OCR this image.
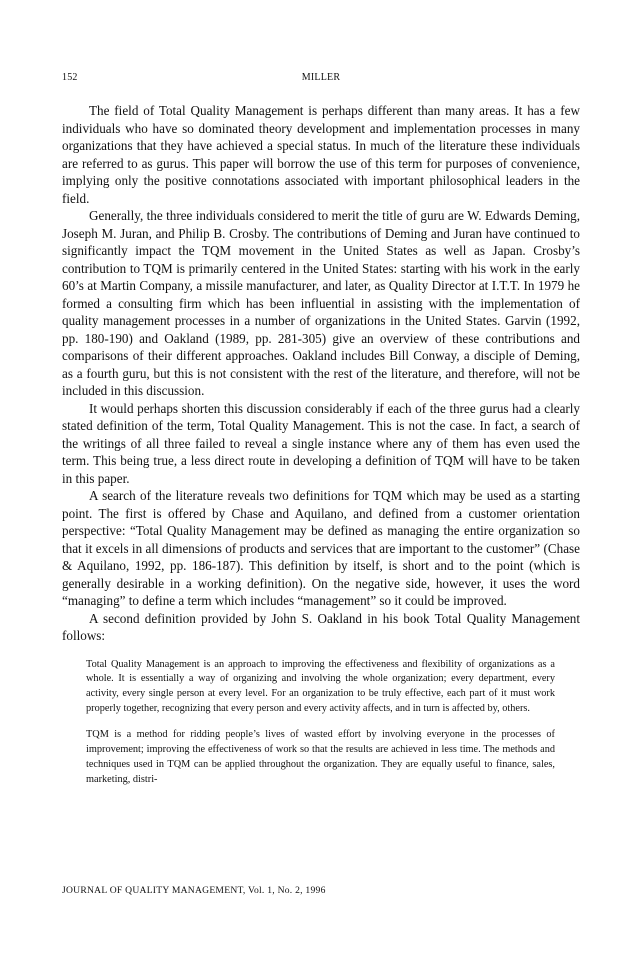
152	MILLER

The field of Total Quality Management is perhaps different than many areas. It has a few individuals who have so dominated theory development and implementation processes in many organizations that they have achieved a special status. In much of the literature these individuals are referred to as gurus. This paper will borrow the use of this term for purposes of convenience, implying only the positive connotations associated with important philosophical leaders in the field.

Generally, the three individuals considered to merit the title of guru are W. Edwards Deming, Joseph M. Juran, and Philip B. Crosby. The contributions of Deming and Juran have continued to significantly impact the TQM movement in the United States as well as Japan. Crosby’s contribution to TQM is primarily centered in the United States: starting with his work in the early 60’s at Martin Company, a missile manufacturer, and later, as Quality Director at I.T.T. In 1979 he formed a consulting firm which has been influential in assisting with the implementation of quality management processes in a number of organizations in the United States. Garvin (1992, pp. 180-190) and Oakland (1989, pp. 281-305) give an overview of these contributions and comparisons of their different approaches. Oakland includes Bill Conway, a disciple of Deming, as a fourth guru, but this is not consistent with the rest of the literature, and therefore, will not be included in this discussion.

It would perhaps shorten this discussion considerably if each of the three gurus had a clearly stated definition of the term, Total Quality Management. This is not the case. In fact, a search of the writings of all three failed to reveal a single instance where any of them has even used the term. This being true, a less direct route in developing a definition of TQM will have to be taken in this paper.

A search of the literature reveals two definitions for TQM which may be used as a starting point. The first is offered by Chase and Aquilano, and defined from a customer orientation perspective: “Total Quality Management may be defined as managing the entire organization so that it excels in all dimensions of products and services that are important to the customer” (Chase & Aquilano, 1992, pp. 186-187). This definition by itself, is short and to the point (which is generally desirable in a working definition). On the negative side, however, it uses the word “managing” to define a term which includes “management” so it could be improved.

A second definition provided by John S. Oakland in his book Total Quality Management follows:

Total Quality Management is an approach to improving the effectiveness and flexibility of organizations as a whole. It is essentially a way of organizing and involving the whole organization; every department, every activity, every single person at every level. For an organization to be truly effective, each part of it must work properly together, recognizing that every person and every activity affects, and in turn is affected by, others.

TQM is a method for ridding people’s lives of wasted effort by involving everyone in the processes of improvement; improving the effectiveness of work so that the results are achieved in less time. The methods and techniques used in TQM can be applied throughout the organization. They are equally useful to finance, sales, marketing, distri-

JOURNAL OF QUALITY MANAGEMENT, Vol. 1, No. 2, 1996
